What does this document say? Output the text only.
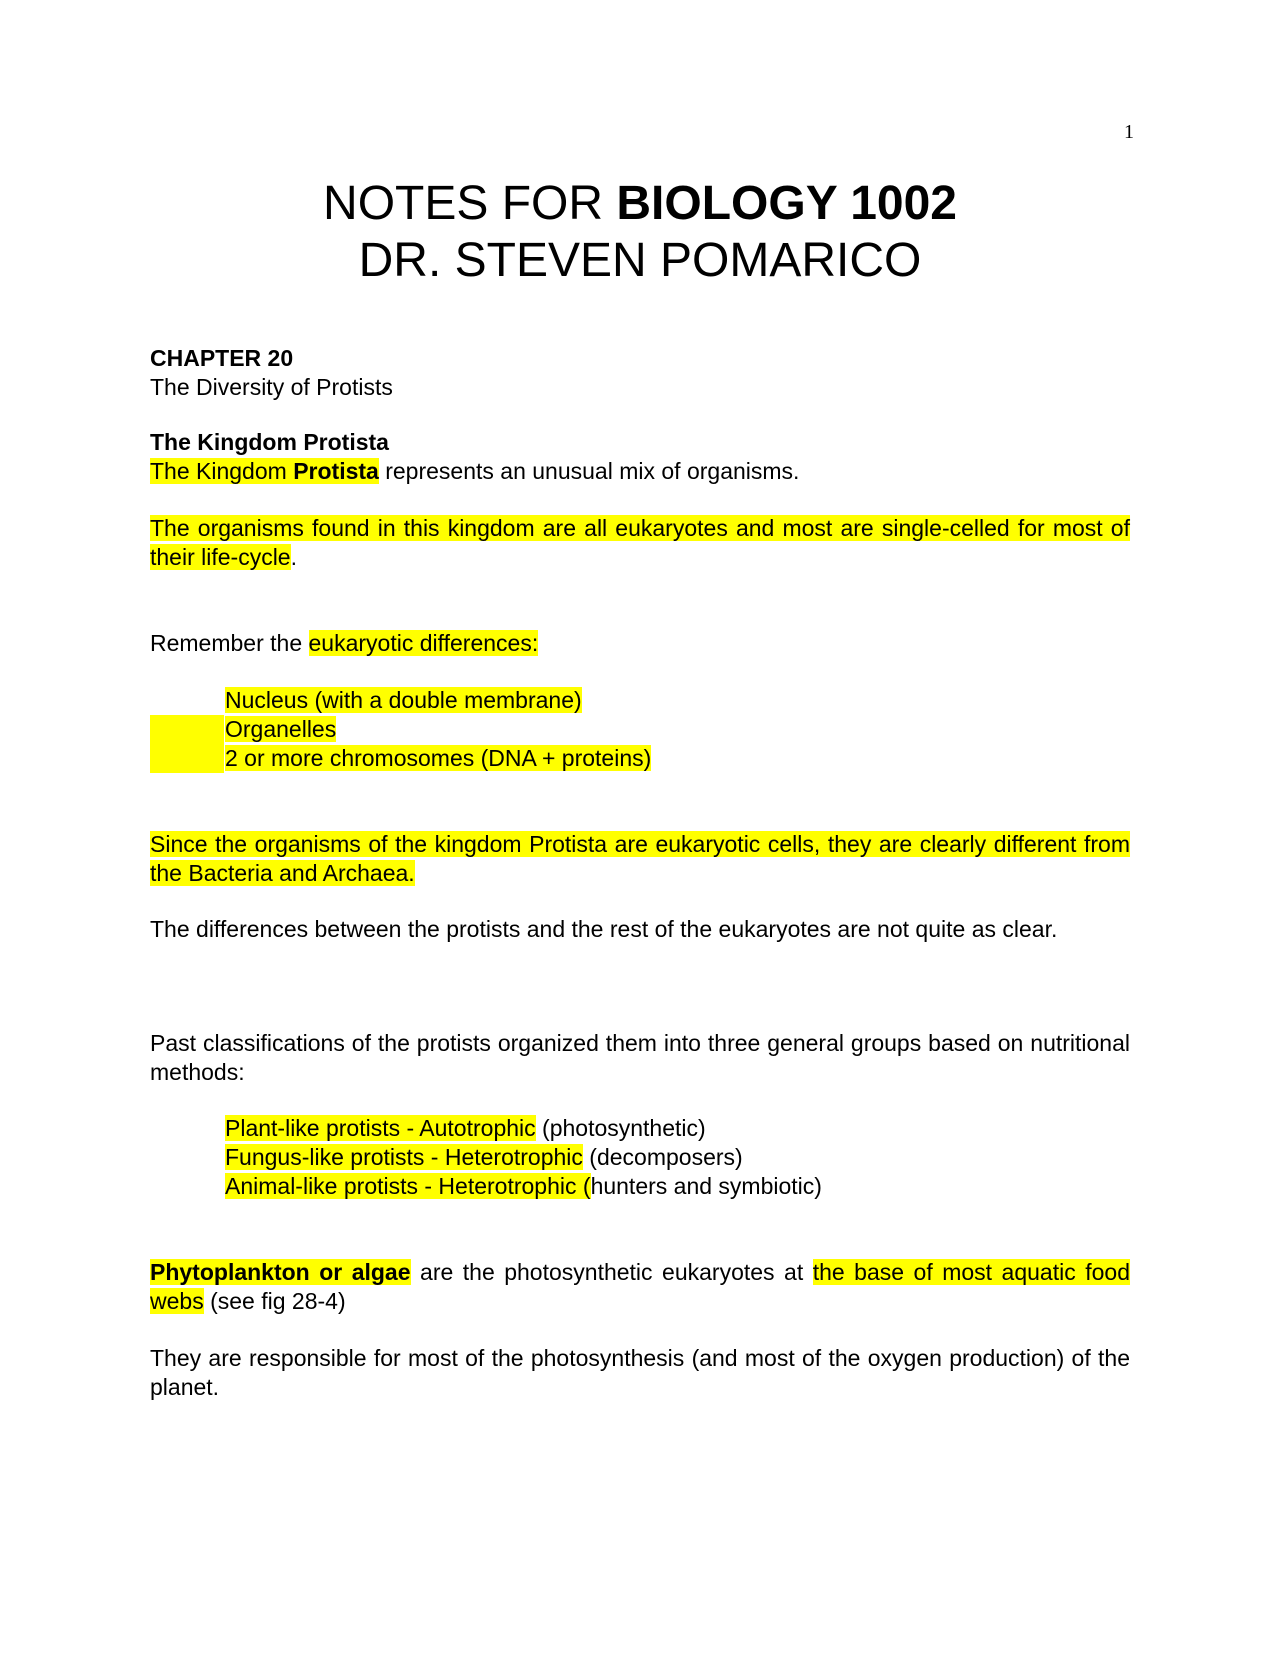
1
NOTES FOR BIOLOGY 1002
DR. STEVEN POMARICO
CHAPTER 20
The Diversity of Protists
The Kingdom Protista
The Kingdom Protista represents an unusual mix of organisms.
The organisms found in this kingdom are all eukaryotes and most are single-celled for most of their life-cycle.
Remember the eukaryotic differences:
Nucleus (with a double membrane)
Organelles
2 or more chromosomes (DNA + proteins)
Since the organisms of the kingdom Protista are eukaryotic cells, they are clearly different from the Bacteria and Archaea.
The differences between the protists and the rest of the eukaryotes are not quite as clear.
Past classifications of the protists organized them into three general groups based on nutritional methods:
Plant-like protists - Autotrophic (photosynthetic)
Fungus-like protists - Heterotrophic (decomposers)
Animal-like protists - Heterotrophic (hunters and symbiotic)
Phytoplankton or algae are the photosynthetic eukaryotes at the base of most aquatic food webs (see fig 28-4)
They are responsible for most of the photosynthesis (and most of the oxygen production) of the planet.
